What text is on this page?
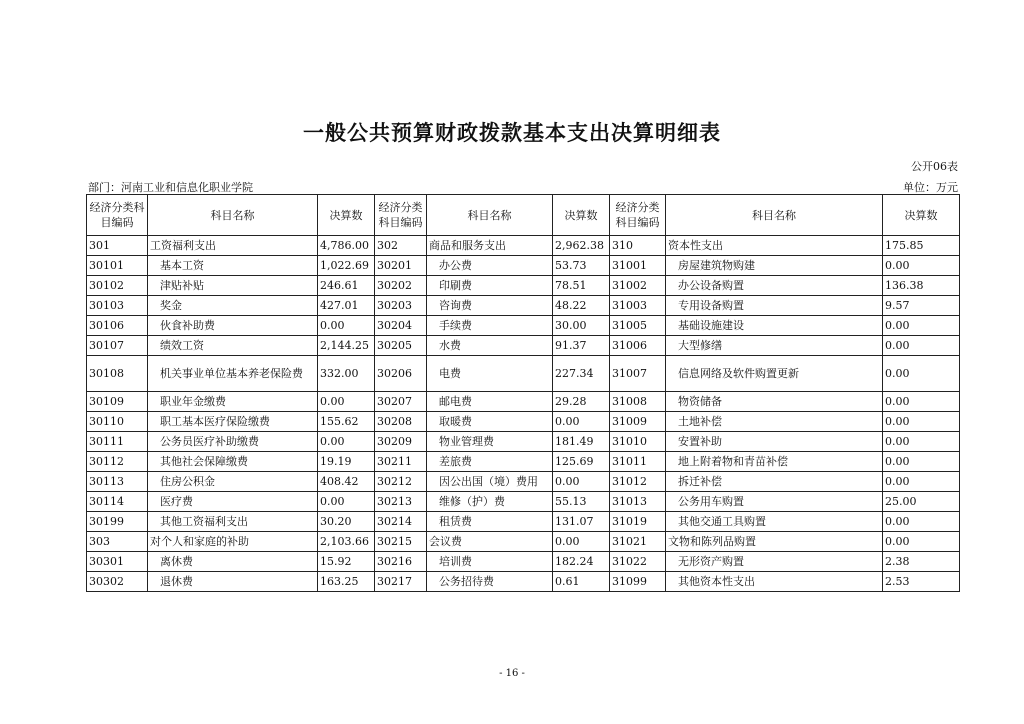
一般公共预算财政拨款基本支出决算明细表
公开06表
部门：河南工业和信息化职业学院	单位：万元
经济分类科目编码	科目名称	决算数	经济分类科目编码	科目名称	决算数	经济分类科目编码	科目名称	决算数
301	工资福利支出	4,786.00	302	商品和服务支出	2,962.38	310	资本性支出	175.85
30101	基本工资	1,022.69	30201	办公费	53.73	31001	房屋建筑物购建	0.00
30102	津贴补贴	246.61	30202	印刷费	78.51	31002	办公设备购置	136.38
30103	奖金	427.01	30203	咨询费	48.22	31003	专用设备购置	9.57
30106	伙食补助费	0.00	30204	手续费	30.00	31005	基础设施建设	0.00
30107	绩效工资	2,144.25	30205	水费	91.37	31006	大型修缮	0.00
30108	机关事业单位基本养老保险费	332.00	30206	电费	227.34	31007	信息网络及软件购置更新	0.00
30109	职业年金缴费	0.00	30207	邮电费	29.28	31008	物资储备	0.00
30110	职工基本医疗保险缴费	155.62	30208	取暖费	0.00	31009	土地补偿	0.00
30111	公务员医疗补助缴费	0.00	30209	物业管理费	181.49	31010	安置补助	0.00
30112	其他社会保障缴费	19.19	30211	差旅费	125.69	31011	地上附着物和青苗补偿	0.00
30113	住房公积金	408.42	30212	因公出国（境）费用	0.00	31012	拆迁补偿	0.00
30114	医疗费	0.00	30213	维修（护）费	55.13	31013	公务用车购置	25.00
30199	其他工资福利支出	30.20	30214	租赁费	131.07	31019	其他交通工具购置	0.00
303	对个人和家庭的补助	2,103.66	30215	会议费	0.00	31021	文物和陈列品购置	0.00
30301	离休费	15.92	30216	培训费	182.24	31022	无形资产购置	2.38
30302	退休费	163.25	30217	公务招待费	0.61	31099	其他资本性支出	2.53
- 16 -
